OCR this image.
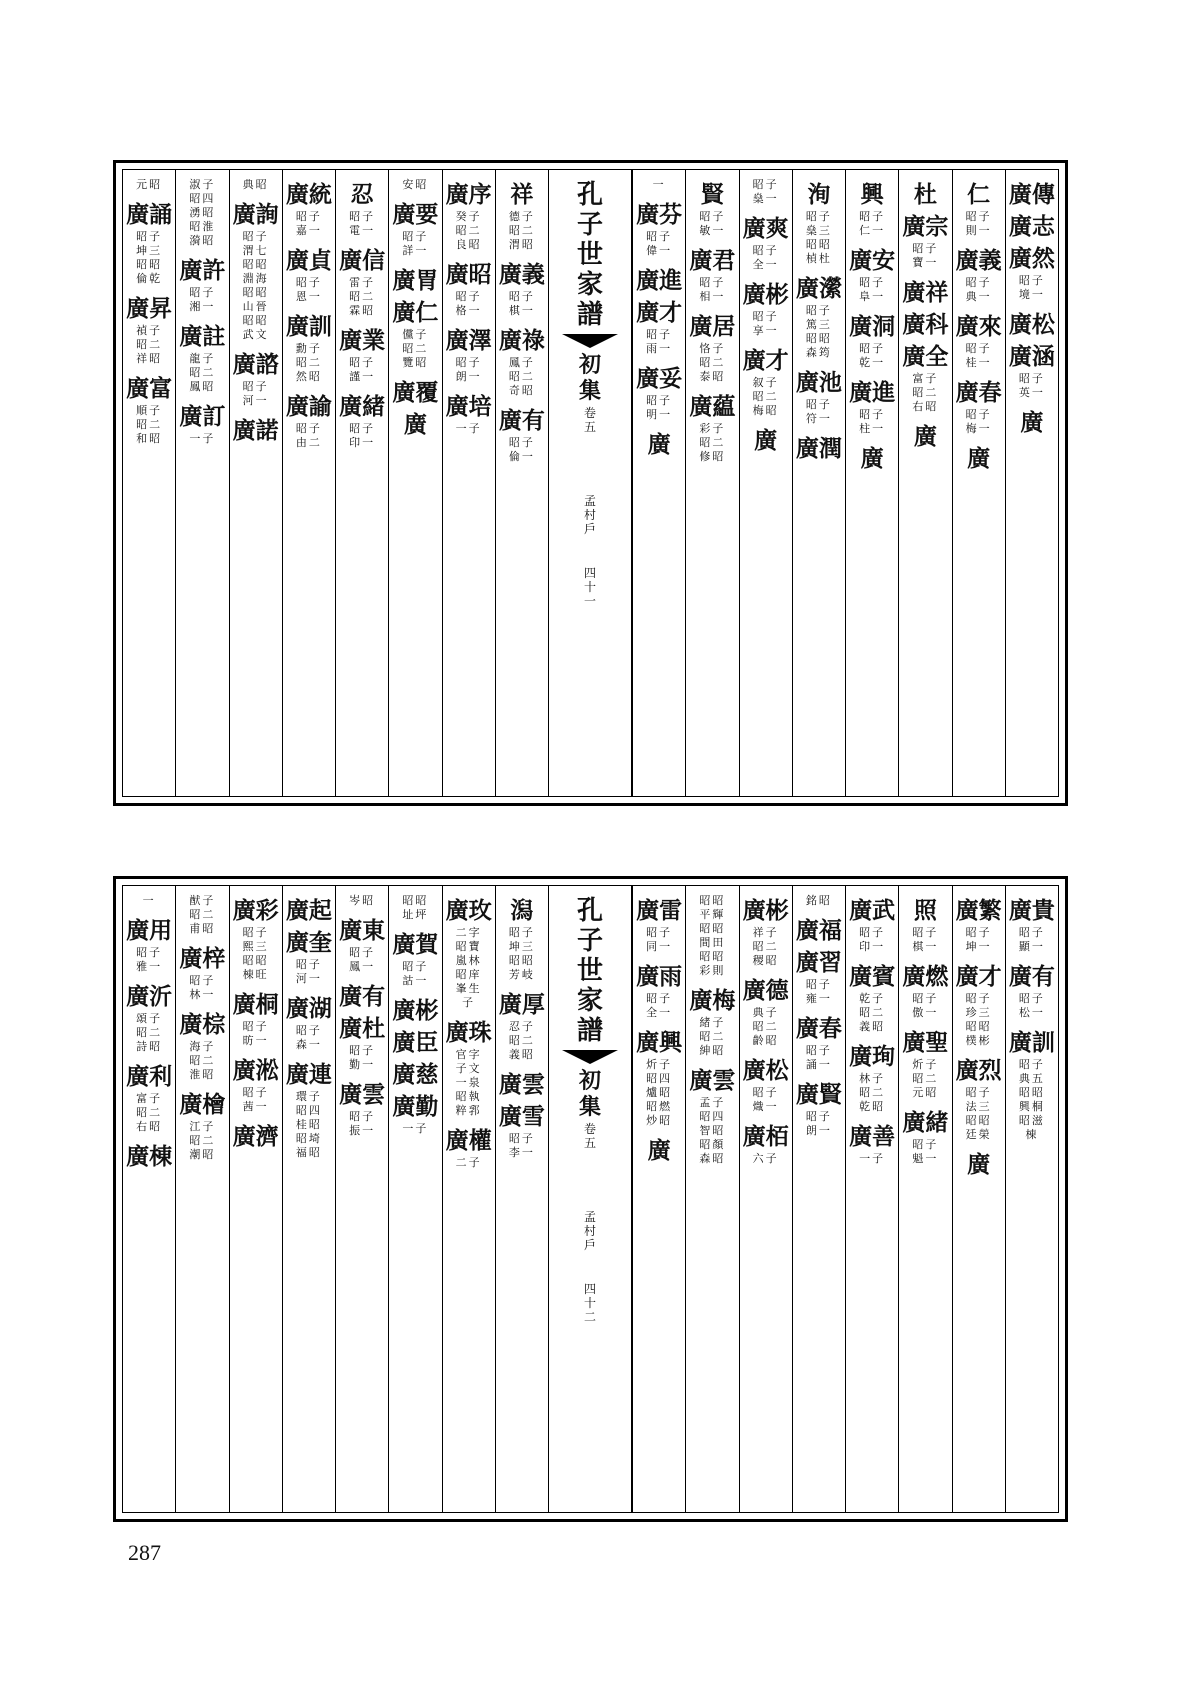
廣傳
廣志
廣然
昭子境一
廣松
廣涵
昭子英一
廣
仁
昭子則一
廣義
昭子典一
廣來
昭子桂一
廣春
昭子梅一
廣
杜
廣宗
昭子寶一
廣祥
廣科
廣全
富子昭二右昭
廣
興
昭子仁一
廣安
昭子阜一
廣洞
昭子乾一
廣進
昭子柱一
廣
洵
昭子燊三昭昭楨杜
廣瀠
昭子篤三昭昭森筠
廣池
昭子符一
廣潤
昭子燊一
廣爽
昭子全一
廣彬
昭子享一
廣才
叙子昭二梅昭
廣
賢
昭子敏一
廣君
昭子相一
廣居
恪子昭二泰昭
廣藴
彩子昭二修昭
一
廣芬
昭子偉一
廣進
廣才
昭子雨一
廣妥
昭子明一
廣
孔子世家譜
初集
卷五
孟村戶
四十一
祥
德子昭二渭昭
廣義
昭子棋一
廣祿
鳳子昭二奇昭
廣有
昭子倫一
廣序
癸子昭二良昭
廣昭
昭子格一
廣澤
昭子朗一
廣培
一子
安昭
廣要
昭子詳一
廣胃
廣仁
儻子昭二覽昭
廣覆
廣
忍
昭子電一
廣信
雷子昭二霖昭
廣業
昭子謹一
廣緒
昭子印一
廣統
昭子嘉一
廣貞
昭子恩一
廣訓
勳子昭二然昭
廣諭
昭子由二
典昭
廣詢
昭子渭七昭昭淵海昭昭山晉昭昭武文
廣諮
昭子河一
廣諾
淑子昭四湧昭昭淮漪昭
廣許
昭子湘一
廣註
龍子昭二鳳昭
廣訂
一子
元昭
廣誦
昭子坤三昭昭倫乾
廣昇
禎子昭二祥昭
廣富
順子昭二和昭
廣貴
昭子顯一
廣有
昭子松一
廣訓
昭子典五昭昭興桐昭滋棟
廣繁
昭子坤一
廣才
昭子珍三昭昭樸彬
廣烈
昭子法三昭昭廷榮
廣
照
昭子棋一
廣燃
昭子傲一
廣聖
炘子昭二元昭
廣緒
昭子魁一
廣武
昭子印一
廣賓
乾子昭二義昭
廣珣
林子昭二乾昭
廣善
一子
銘昭
廣福
廣習
昭子雍一
廣春
昭子誦一
廣賢
昭子朗一
廣彬
祥子昭二稷昭
廣德
典子昭二齡昭
廣松
昭子熾一
廣栢
六子
昭昭平輝昭昭間田昭昭彩則
廣梅
緒子昭二紳昭
廣雲
孟子昭四智昭昭顏森昭
廣雷
昭子同一
廣雨
昭子全一
廣興
炘子昭四爐昭昭燃炒昭
廣
孔子世家譜
初集
卷五
孟村戶
四十二
潟
昭子坤三昭昭芳岐
廣厚
忍子昭二義昭
廣雲
廣雪
昭子李一
廣玫
二字昭寶嵐林昭庠峯生子
廣珠
官字子文一泉昭執粹郛
廣權
二子
昭昭址坪
廣賀
昭子詁一
廣彬
廣臣
廣慈
廣勤
一子
岑昭
廣東
昭子鳳一
廣有
廣杜
昭子勤一
廣雲
昭子振一
廣起
廣奎
昭子河一
廣湖
昭子森一
廣連
環子昭四桂昭昭埼福昭
廣彩
昭子熙三昭昭棟旺
廣桐
昭子昉一
廣淞
昭子茜一
廣濟
猷子昭二甫昭
廣梓
昭子林一
廣棕
海子昭二淮昭
廣檜
江子昭二潮昭
一
廣用
昭子雅一
廣沂
頌子昭二詩昭
廣利
富子昭二右昭
廣棟
287
